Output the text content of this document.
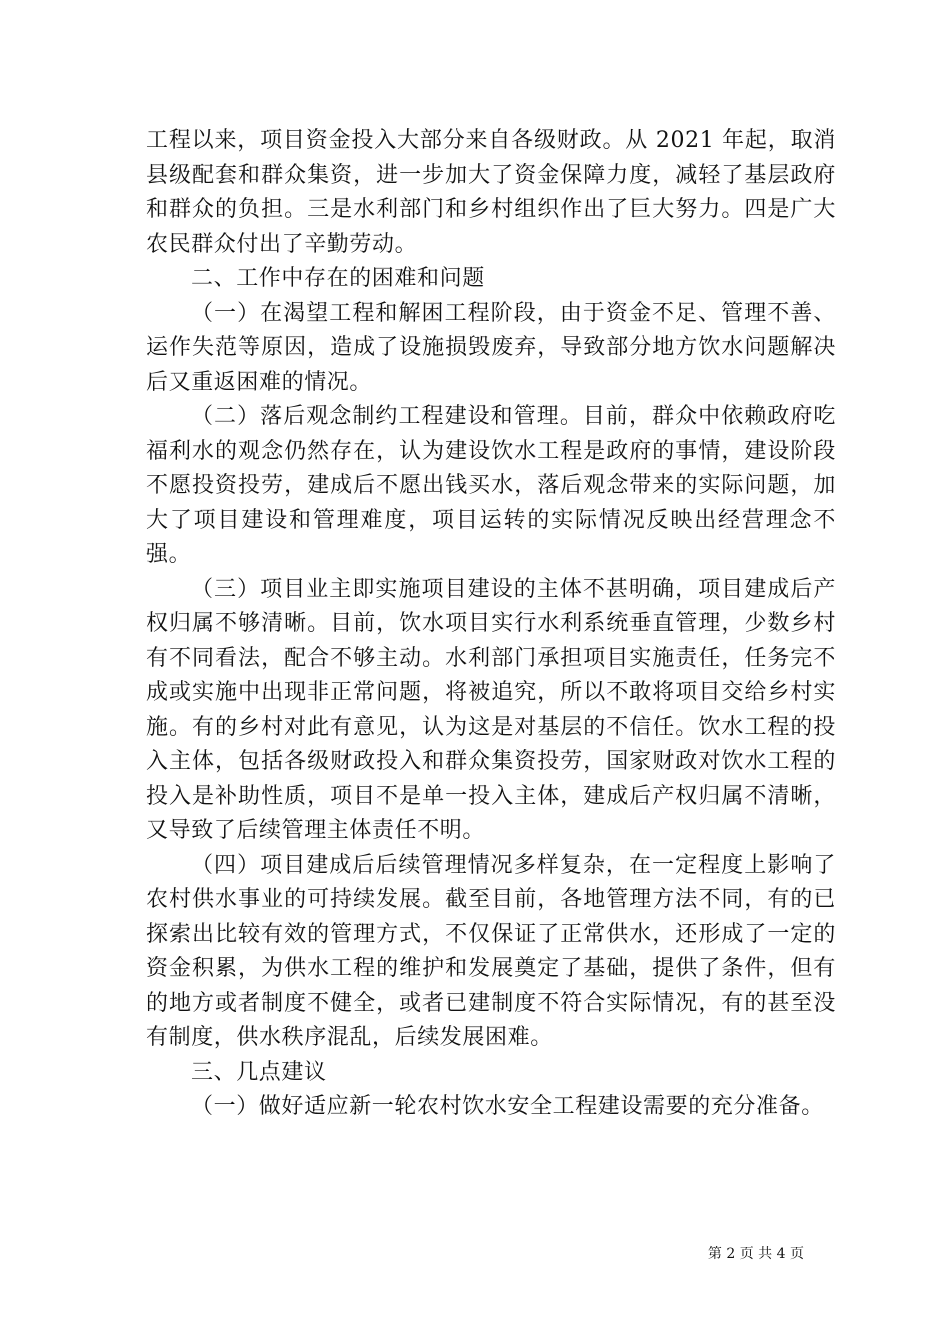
工程以来，项目资金投入大部分来自各级财政。从 2021 年起，取消县级配套和群众集资，进一步加大了资金保障力度，减轻了基层政府和群众的负担。三是水利部门和乡村组织作出了巨大努力。四是广大农民群众付出了辛勤劳动。

二、工作中存在的困难和问题

（一）在渴望工程和解困工程阶段，由于资金不足、管理不善、运作失范等原因，造成了设施损毁废弃，导致部分地方饮水问题解决后又重返困难的情况。

（二）落后观念制约工程建设和管理。目前，群众中依赖政府吃福利水的观念仍然存在，认为建设饮水工程是政府的事情，建设阶段不愿投资投劳，建成后不愿出钱买水，落后观念带来的实际问题，加大了项目建设和管理难度，项目运转的实际情况反映出经营理念不强。

（三）项目业主即实施项目建设的主体不甚明确，项目建成后产权归属不够清晰。目前，饮水项目实行水利系统垂直管理，少数乡村有不同看法，配合不够主动。水利部门承担项目实施责任，任务完不成或实施中出现非正常问题，将被追究，所以不敢将项目交给乡村实施。有的乡村对此有意见，认为这是对基层的不信任。饮水工程的投入主体，包括各级财政投入和群众集资投劳，国家财政对饮水工程的投入是补助性质，项目不是单一投入主体，建成后产权归属不清晰，又导致了后续管理主体责任不明。

（四）项目建成后后续管理情况多样复杂，在一定程度上影响了农村供水事业的可持续发展。截至目前，各地管理方法不同，有的已探索出比较有效的管理方式，不仅保证了正常供水，还形成了一定的资金积累，为供水工程的维护和发展奠定了基础，提供了条件，但有的地方或者制度不健全，或者已建制度不符合实际情况，有的甚至没有制度，供水秩序混乱，后续发展困难。

三、几点建议

（一）做好适应新一轮农村饮水安全工程建设需要的充分准备。

第 2 页 共 4 页
